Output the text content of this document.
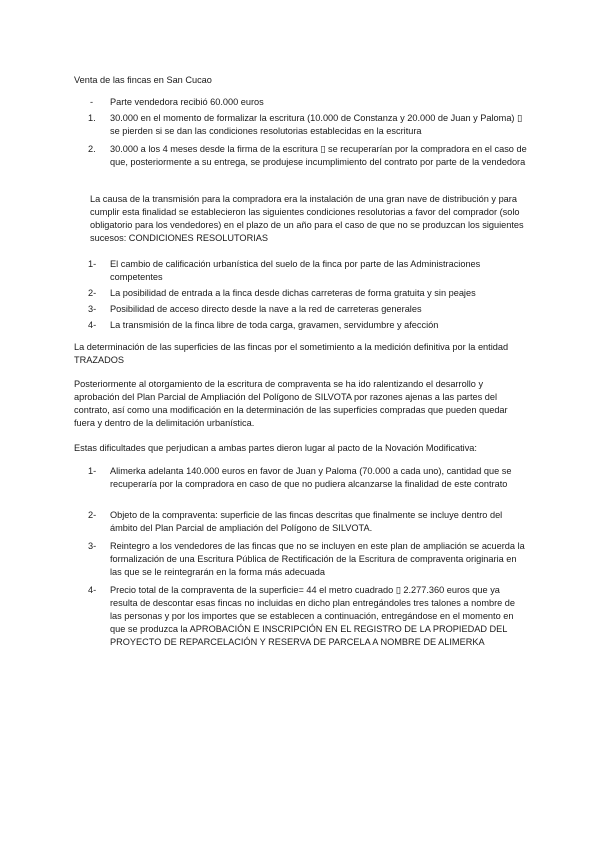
Venta de las fincas en San Cucao

-	Parte vendedora recibió 60.000 euros
1.	30.000 en el momento de formalizar la escritura (10.000 de Constanza y 20.000 de Juan y Paloma) ▯ se pierden si se dan las condiciones resolutorias establecidas en la escritura
2.	30.000 a los 4 meses desde la firma de la escritura ▯ se recuperarían por la compradora en el caso de que, posteriormente a su entrega, se produjese incumplimiento del contrato por parte de la vendedora

La causa de la transmisión para la compradora era la instalación de una gran nave de distribución y para cumplir esta finalidad se establecieron las siguientes condiciones resolutorias a favor del comprador (solo obligatorio para los vendedores) en el plazo de un año para el caso de que no se produzcan los siguientes sucesos: CONDICIONES RESOLUTORIAS

1-	El cambio de calificación urbanística del suelo de la finca por parte de las Administraciones competentes
2-	La posibilidad de entrada a la finca desde dichas carreteras de forma gratuita y sin peajes
3-	Posibilidad de acceso directo desde la nave a la red de carreteras generales
4-	La transmisión de la finca libre de toda carga, gravamen, servidumbre y afección

La determinación de las superficies de las fincas por el sometimiento a la medición definitiva por la entidad TRAZADOS

Posteriormente al otorgamiento de la escritura de compraventa se ha ido ralentizando el desarrollo y aprobación del Plan Parcial de Ampliación del Polígono de SILVOTA por razones ajenas a las partes del contrato, así como una modificación en la determinación de las superficies compradas que pueden quedar fuera y dentro de la delimitación urbanística.

Estas dificultades que perjudican a ambas partes dieron lugar al pacto de la Novación Modificativa:

1-	Alimerka adelanta 140.000 euros en favor de Juan y Paloma (70.000 a cada uno), cantidad que se recuperaría por la compradora en caso de que no pudiera alcanzarse la finalidad de este contrato
2-	Objeto de la compraventa: superficie de las fincas descritas que finalmente se incluye dentro del ámbito del Plan Parcial de ampliación del Polígono de SILVOTA.
3-	Reintegro a los vendedores de las fincas que no se incluyen en este plan de ampliación se acuerda la formalización de una Escritura Pública de Rectificación de la Escritura de compraventa originaria en las que se le reintegrarán en la forma más adecuada
4-	Precio total de la compraventa de la superficie= 44 el metro cuadrado ▯ 2.277.360 euros que ya resulta de descontar esas fincas no incluidas en dicho plan entregándoles tres talones a nombre de las personas y por los importes que se establecen a continuación, entregándose en el momento en que se produzca la APROBACIÓN E INSCRIPCIÓN EN EL REGISTRO DE LA PROPIEDAD DEL PROYECTO DE REPARCELACIÓN Y RESERVA DE PARCELA A NOMBRE DE ALIMERKA
